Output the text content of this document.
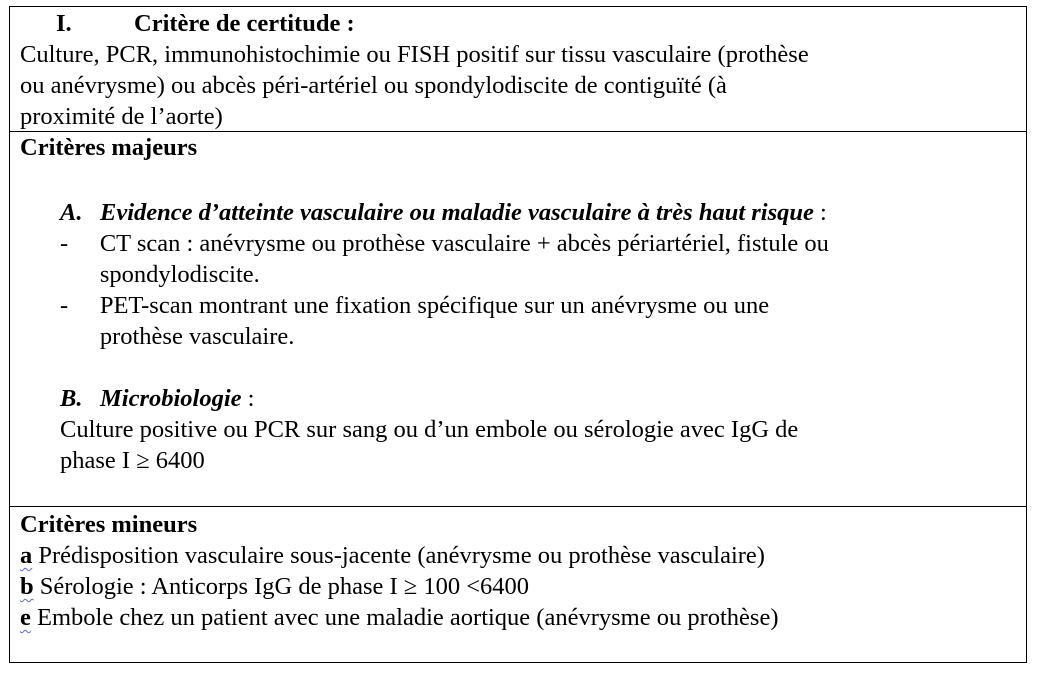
I.	Critère de certitude :
Culture, PCR, immunohistochimie ou FISH positif sur tissu vasculaire (prothèse
ou anévrysme) ou abcès péri-artériel ou spondylodiscite de contiguïté (à
proximité de l’aorte)
Critères majeurs
A. Evidence d’atteinte vasculaire ou maladie vasculaire à très haut risque :
-	CT scan : anévrysme ou prothèse vasculaire + abcès périartériel, fistule ou
spondylodiscite.
-	PET-scan montrant une fixation spécifique sur un anévrysme ou une
prothèse vasculaire.
B. Microbiologie :
Culture positive ou PCR sur sang ou d’un embole ou sérologie avec IgG de
phase I ≥ 6400
Critères mineurs
a Prédisposition vasculaire sous-jacente (anévrysme ou prothèse vasculaire)
b Sérologie : Anticorps IgG de phase I ≥ 100 <6400
e Embole chez un patient avec une maladie aortique (anévrysme ou prothèse)
